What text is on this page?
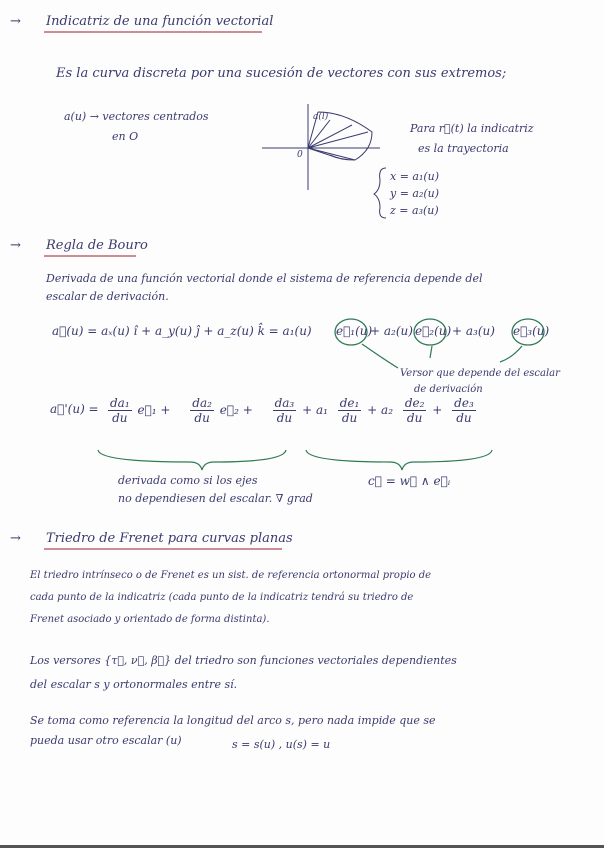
→ Indicatriz de una función vectorial
Es la curva discreta por una sucesión de vectores con sus extremos;
a(u) → vectores centrados
en O
a(l)
0
Para r⃗(t) la indicatriz
es la trayectoria
x = a₁(u)
y = a₂(u)
z = a₃(u)
→ Regla de Bouro
Derivada de una función vectorial donde el sistema de referencia depende del
escalar de derivación.
a⃗(u) = aₓ(u) î + a_y(u) ĵ + a_z(u) k̂ = a₁(u) e⃗₁(u)
+ a₂(u) e⃗₂(u) + a₃(u) e⃗₃(u)
Versor que depende del escalar
de derivación
a⃗'(u) = $\frac{\text{da₁}}{du}$ e⃗₁ + $\frac{\text{da₂}}{du}$ e⃗₂ + $\frac{\text{da₃}}{du} + a_1 \frac{\text{de₁}}{du} + a_2 \frac{\text{de₂}}{du} + \frac{\text{de₃}}{du}$
derivada como si los ejes
no dependiesen del escalar. ∇ grad
c⃗ = w⃗ ∧ e⃗ᵢ
→ Triedro de Frenet para curvas planas
El triedro intrínseco o de Frenet es un sist. de referencia ortonormal propio de
cada punto de la indicatriz (cada punto de la indicatriz tendrá su triedro de
Frenet asociado y orientado de forma distinta).
Los versores {τ⃗, ν⃗, β⃗} del triedro son funciones vectoriales dependientes
del escalar s y ortonormales entre sí.
Se toma como referencia la longitud del arco s, pero nada impide que se
pueda usar otro escalar (u)	s = s(u) , u(s) = u
